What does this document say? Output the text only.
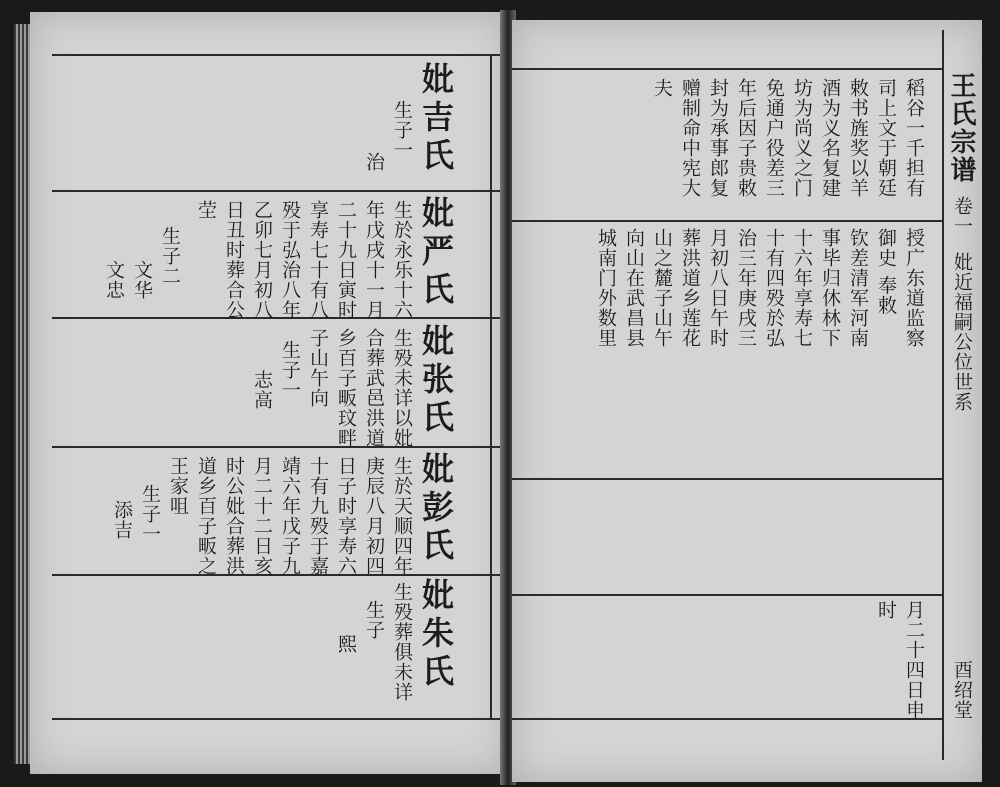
妣吉氏
生子一
治
妣严氏
生於永乐十六
年戊戌十一月
二十九日寅时
享寿七十有八
殁于弘治八年
乙卯七月初八
日丑时葬合公
茔
生子二
文华
文忠
妣张氏
生殁未详以妣
合葬武邑洪道
乡百子畈玟畔
子山午向
生子一
志高
妣彭氏
生於天顺四年
庚辰八月初四
日子时享寿六
十有九殁于嘉
靖六年戊子九
月二十二日亥
时公妣合葬洪
道乡百子畈之
王家咀
生子一
添吉
妣朱氏
生殁葬俱未详
生子
熙
王氏宗谱
卷一
妣近福嗣公位世系
酉绍堂
稻谷一千担有
司上文于朝廷
敕书旌奖以羊
酒为义名复建
坊为尚义之门
免通户役差三
年后因子贵敕
封为承事郎复
赠制命中宪大
夫
授广东道监察
御史 奉敕
钦差清军河南
事毕归休林下
十六年享寿七
十有四殁於弘
治三年庚戌三
月初八日午时
葬洪道乡莲花
山之麓子山午
向山在武昌县
城南门外数里
月二十四日申
时
